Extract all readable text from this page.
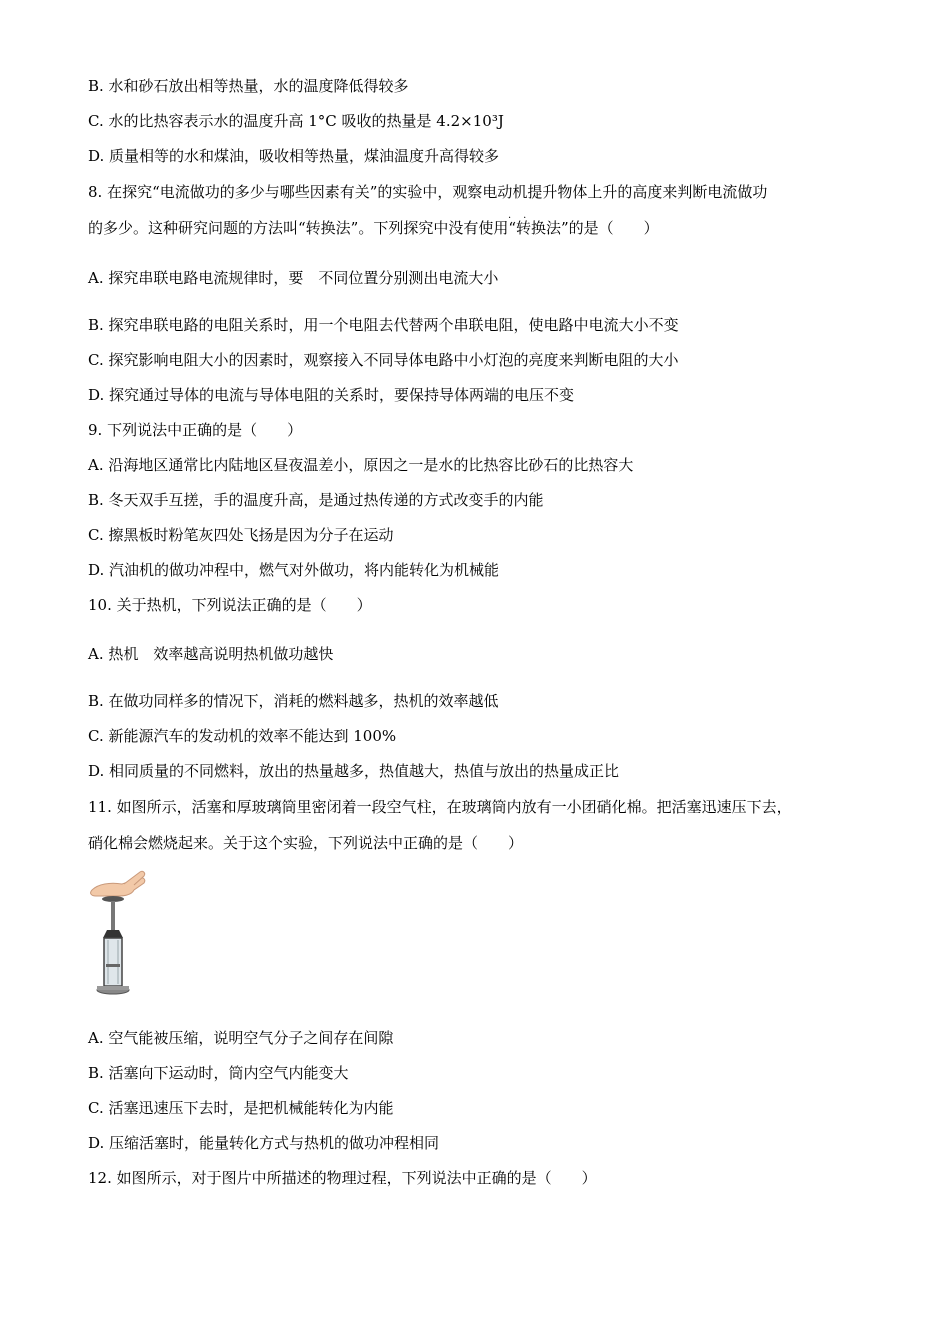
B. 水和砂石放出相等热量，水的温度降低得较多
C. 水的比热容表示水的温度升高 1°C 吸收的热量是 4.2×10³J
D. 质量相等的水和煤油，吸收相等热量，煤油温度升高得较多
8. 在探究“电流做功的多少与哪些因素有关”的实验中，观察电动机提升物体上升的高度来判断电流做功
..
的多少。这种研究问题的方法叫“转换法”。下列探究中没有使用“转换法”的是（　　）
A. 探究串联电路电流规律时，要　不同位置分别测出电流大小
B. 探究串联电路的电阻关系时，用一个电阻去代替两个串联电阻，使电路中电流大小不变
C. 探究影响电阻大小的因素时，观察接入不同导体电路中小灯泡的亮度来判断电阻的大小
D. 探究通过导体的电流与导体电阻的关系时，要保持导体两端的电压不变
9. 下列说法中正确的是（　　）
A. 沿海地区通常比内陆地区昼夜温差小，原因之一是水的比热容比砂石的比热容大
B. 冬天双手互搓，手的温度升高，是通过热传递的方式改变手的内能
C. 擦黑板时粉笔灰四处飞扬是因为分子在运动
D. 汽油机的做功冲程中，燃气对外做功，将内能转化为机械能
10. 关于热机，下列说法正确的是（　　）
A. 热机　效率越高说明热机做功越快
B. 在做功同样多的情况下，消耗的燃料越多，热机的效率越低
C. 新能源汽车的发动机的效率不能达到 100%
D. 相同质量的不同燃料，放出的热量越多，热值越大，热值与放出的热量成正比
11. 如图所示，活塞和厚玻璃筒里密闭着一段空气柱，在玻璃筒内放有一小团硝化棉。把活塞迅速压下去，
硝化棉会燃烧起来。关于这个实验，下列说法中正确的是（　　）
A. 空气能被压缩，说明空气分子之间存在间隙
B. 活塞向下运动时，筒内空气内能变大
C. 活塞迅速压下去时，是把机械能转化为内能
D. 压缩活塞时，能量转化方式与热机的做功冲程相同
12. 如图所示，对于图片中所描述的物理过程，下列说法中正确的是（　　）
